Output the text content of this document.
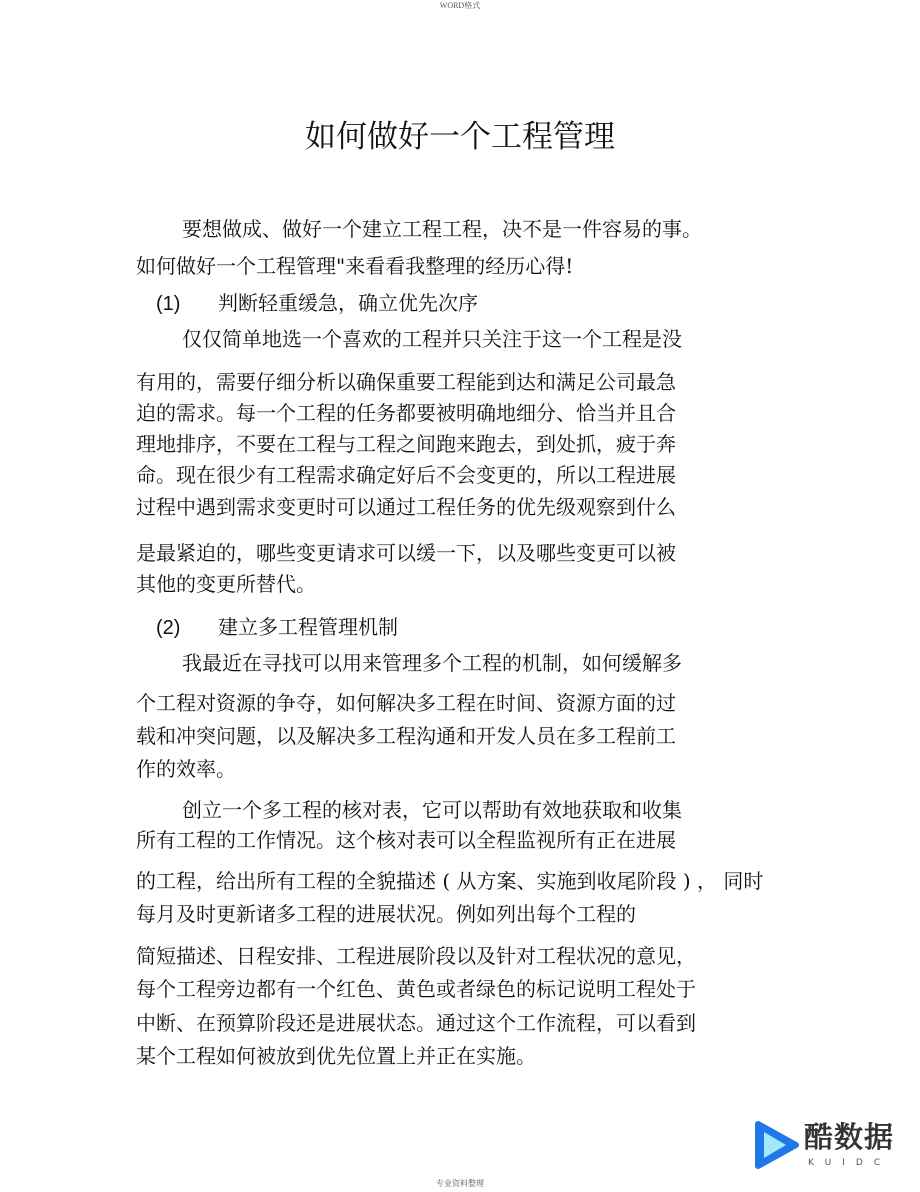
WORD格式
如何做好一个工程管理
要想做成、做好一个建立工程工程，决不是一件容易的事。
如何做好一个工程管理"来看看我整理的经历心得!
(1) 判断轻重缓急，确立优先次序
仅仅简单地选一个喜欢的工程并只关注于这一个工程是没
有用的，需要仔细分析以确保重要工程能到达和满足公司最急
迫的需求。每一个工程的任务都要被明确地细分、恰当并且合
理地排序，不要在工程与工程之间跑来跑去，到处抓，疲于奔
命。现在很少有工程需求确定好后不会变更的，所以工程进展
过程中遇到需求变更时可以通过工程任务的优先级观察到什么
是最紧迫的，哪些变更请求可以缓一下，以及哪些变更可以被
其他的变更所替代。
(2) 建立多工程管理机制
我最近在寻找可以用来管理多个工程的机制，如何缓解多
个工程对资源的争夺，如何解决多工程在时间、资源方面的过
载和冲突问题，以及解决多工程沟通和开发人员在多工程前工
作的效率。
创立一个多工程的核对表，它可以帮助有效地获取和收集
所有工程的工作情况。这个核对表可以全程监视所有正在进展
的工程，给出所有工程的全貌描述 ( 从方案、实施到收尾阶段 ) ， 同时
每月及时更新诸多工程的进展状况。例如列出每个工程的
简短描述、日程安排、工程进展阶段以及针对工程状况的意见，
每个工程旁边都有一个红色、黄色或者绿色的标记说明工程处于
中断、在预算阶段还是进展状态。通过这个工作流程，可以看到
某个工程如何被放到优先位置上并正在实施。
酷数据
KUIDC
专业资料整理
